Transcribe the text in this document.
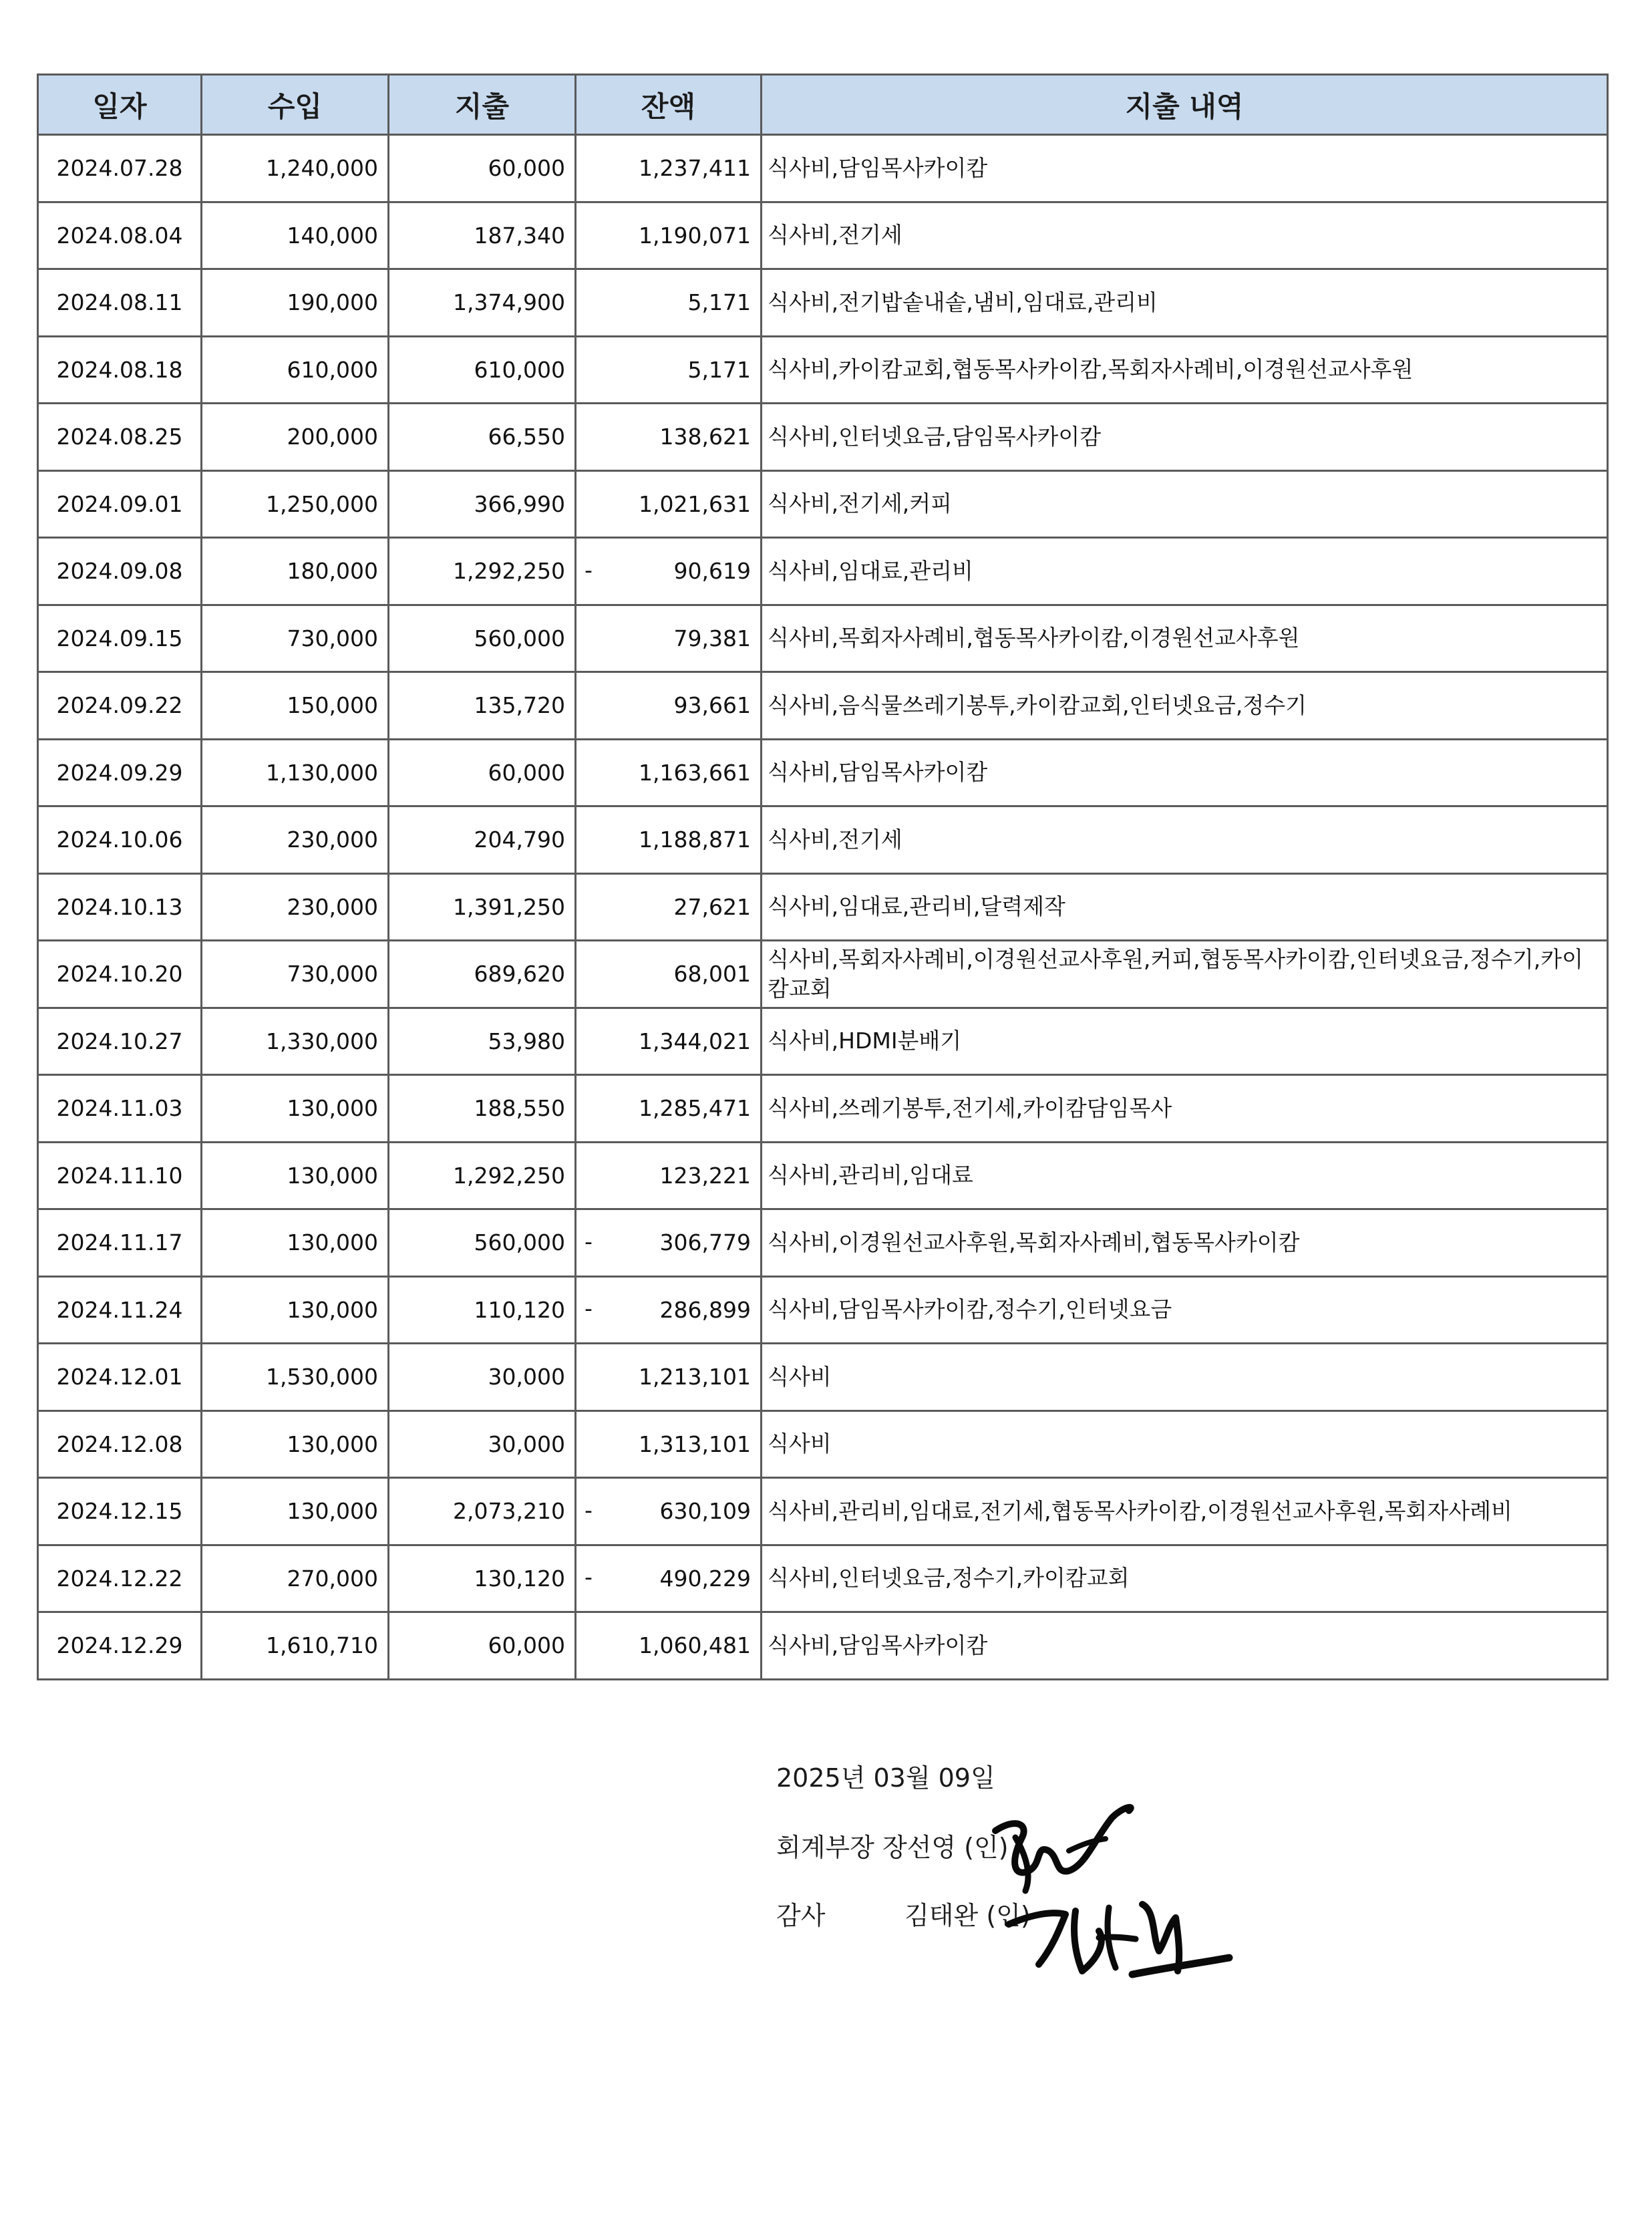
일자	수입	지출	잔액	지출 내역
2024.07.28	1,240,000	60,000	1,237,411	식사비,담임목사카이캄
2024.08.04	140,000	187,340	1,190,071	식사비,전기세
2024.08.11	190,000	1,374,900	5,171	식사비,전기밥솥내솥,냄비,임대료,관리비
2024.08.18	610,000	610,000	5,171	식사비,카이캄교회,협동목사카이캄,목회자사례비,이경원선교사후원
2024.08.25	200,000	66,550	138,621	식사비,인터넷요금,담임목사카이캄
2024.09.01	1,250,000	366,990	1,021,631	식사비,전기세,커피
2024.09.08	180,000	1,292,250	- 90,619	식사비,임대료,관리비
2024.09.15	730,000	560,000	79,381	식사비,목회자사례비,협동목사카이캄,이경원선교사후원
2024.09.22	150,000	135,720	93,661	식사비,음식물쓰레기봉투,카이캄교회,인터넷요금,정수기
2024.09.29	1,130,000	60,000	1,163,661	식사비,담임목사카이캄
2024.10.06	230,000	204,790	1,188,871	식사비,전기세
2024.10.13	230,000	1,391,250	27,621	식사비,임대료,관리비,달력제작
2024.10.20	730,000	689,620	68,001	식사비,목회자사례비,이경원선교사후원,커피,협동목사카이캄,인터넷요금,정수기,카이캄교회
2024.10.27	1,330,000	53,980	1,344,021	식사비,HDMI분배기
2024.11.03	130,000	188,550	1,285,471	식사비,쓰레기봉투,전기세,카이캄담임목사
2024.11.10	130,000	1,292,250	123,221	식사비,관리비,임대료
2024.11.17	130,000	560,000	- 306,779	식사비,이경원선교사후원,목회자사례비,협동목사카이캄
2024.11.24	130,000	110,120	- 286,899	식사비,담임목사카이캄,정수기,인터넷요금
2024.12.01	1,530,000	30,000	1,213,101	식사비
2024.12.08	130,000	30,000	1,313,101	식사비
2024.12.15	130,000	2,073,210	- 630,109	식사비,관리비,임대료,전기세,협동목사카이캄,이경원선교사후원,목회자사례비
2024.12.22	270,000	130,120	- 490,229	식사비,인터넷요금,정수기,카이캄교회
2024.12.29	1,610,710	60,000	1,060,481	식사비,담임목사카이캄
2025년 03월 09일
회계부장 장선영 (인)
감사	김태완 (인)
